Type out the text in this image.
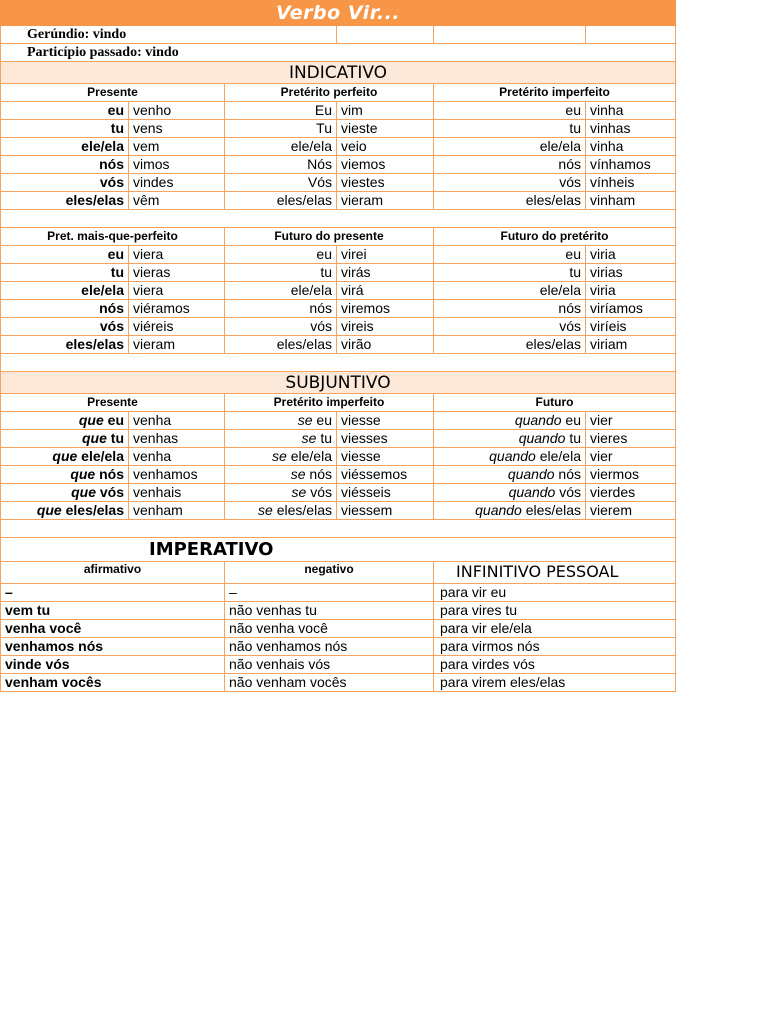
Verbo Vir...
Gerúndio: vindo
Particípio passado: vindo
INDICATIVO
Presente	Pretérito perfeito	Pretérito imperfeito
eu venho	Eu vim	eu vinha
tu vens	Tu vieste	tu vinhas
ele/ela vem	ele/ela veio	ele/ela vinha
nós vimos	Nós viemos	nós vínhamos
vós vindes	Vós viestes	vós vínheis
eles/elas vêm	eles/elas vieram	eles/elas vinham
Pret. mais-que-perfeito	Futuro do presente	Futuro do pretérito
eu viera	eu virei	eu viria
tu vieras	tu virás	tu virias
ele/ela viera	ele/ela virá	ele/ela viria
nós viéramos	nós viremos	nós viríamos
vós viéreis	vós vireis	vós viríeis
eles/elas vieram	eles/elas virão	eles/elas viriam
SUBJUNTIVO
Presente	Pretérito imperfeito	Futuro
que eu venha	se eu viesse	quando eu vier
que tu venhas	se tu viesses	quando tu vieres
que ele/ela venha	se ele/ela viesse	quando ele/ela vier
que nós venhamos	se nós viéssemos	quando nós viermos
que vós venhais	se vós viésseis	quando vós vierdes
que eles/elas venham	se eles/elas viessem	quando eles/elas vierem
IMPERATIVO
afirmativo	negativo	INFINITIVO PESSOAL
–	–	para vir eu
vem tu	não venhas tu	para vires tu
venha você	não venha você	para vir ele/ela
venhamos nós	não venhamos nós	para virmos nós
vinde vós	não venhais vós	para virdes vós
venham vocês	não venham vocês	para virem eles/elas
